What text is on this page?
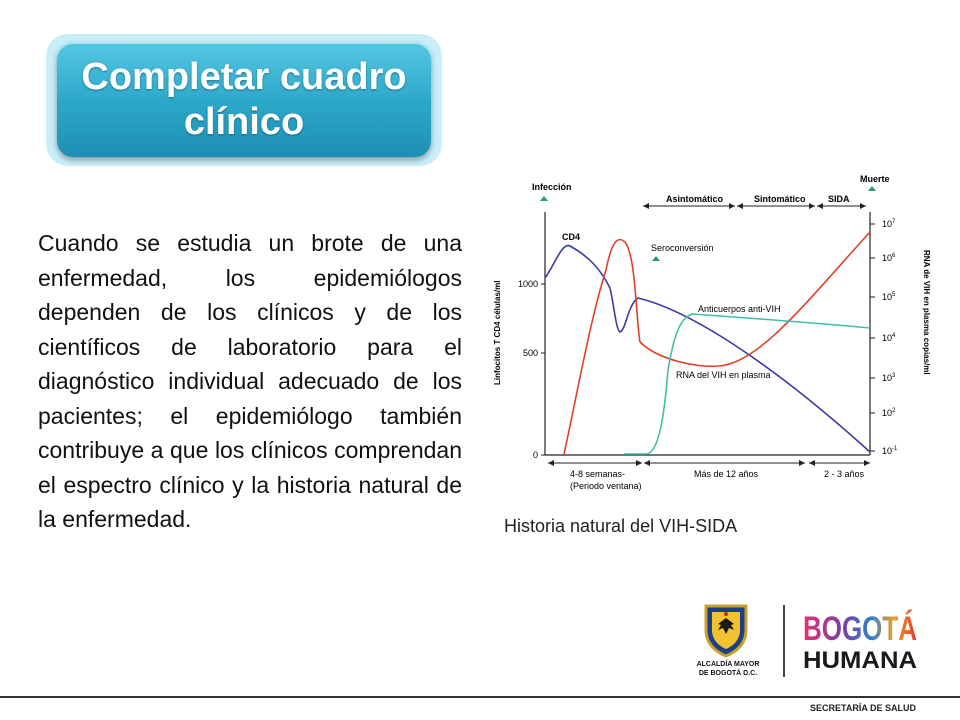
Completar cuadro clínico
Cuando se estudia un brote de una enfermedad, los epidemiólogos dependen de los clínicos y de los científicos de laboratorio para el diagnóstico individual adecuado de los pacientes; el epidemiólogo también contribuye a que los clínicos comprendan el espectro clínico y la historia natural de la enfermedad.
Infección
Muerte
Asintomático	Sintomático SIDA
1000
500
0
Linfocitos T CD4 células/ml
$10^7$
$10^6$
$10^5$
$10^4$
$10^3$
$10^2$
$10^{-1}$
RNA de VIH en plasma copias/ml
CD4
Seroconversión
Anticuerpos anti-VIH
RNA del VIH en plasma
4-8 semanas-
(Periodo ventana)
Más de 12 años	2 - 3 años
Historia natural del VIH-SIDA
ALCALDÍA MAYOR
DE BOGOTÁ D.C.
BOGOTÁ
HUMANA
SECRETARÍA DE SALUD
